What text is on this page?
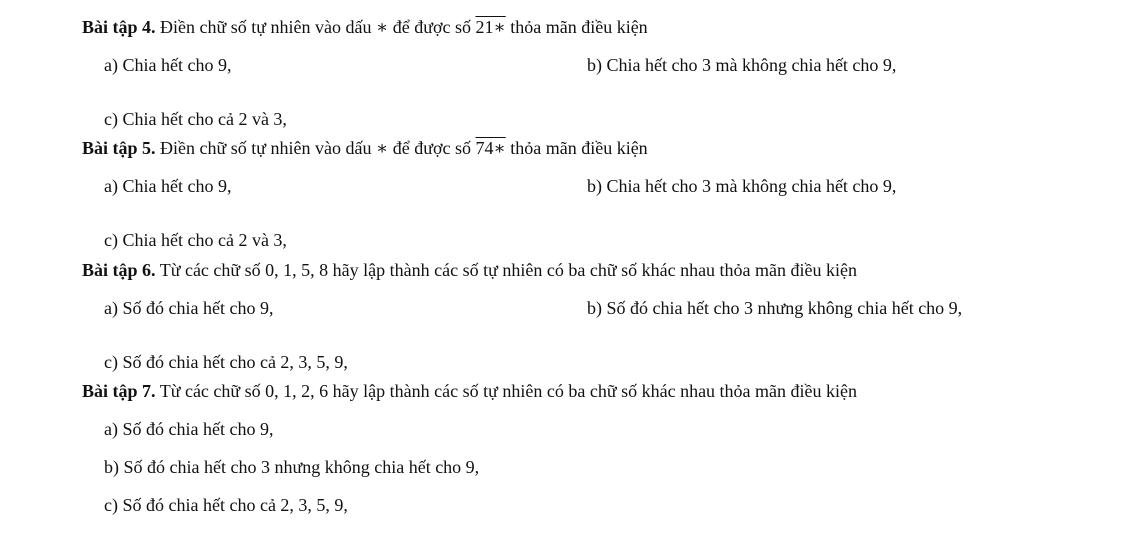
Bài tập 4. Điền chữ số tự nhiên vào dấu ∗ để được số 21∗ thỏa mãn điều kiện
a) Chia hết cho 9,	b) Chia hết cho 3 mà không chia hết cho 9,
c) Chia hết cho cả 2 và 3,
Bài tập 5. Điền chữ số tự nhiên vào dấu ∗ để được số 74∗ thỏa mãn điều kiện
a) Chia hết cho 9,	b) Chia hết cho 3 mà không chia hết cho 9,
c) Chia hết cho cả 2 và 3,
Bài tập 6. Từ các chữ số 0, 1, 5, 8 hãy lập thành các số tự nhiên có ba chữ số khác nhau thỏa mãn điều kiện
a) Số đó chia hết cho 9,	b) Số đó chia hết cho 3 nhưng không chia hết cho 9,
c) Số đó chia hết cho cả 2, 3, 5, 9,
Bài tập 7. Từ các chữ số 0, 1, 2, 6 hãy lập thành các số tự nhiên có ba chữ số khác nhau thỏa mãn điều kiện
a) Số đó chia hết cho 9,
b) Số đó chia hết cho 3 nhưng không chia hết cho 9,
c) Số đó chia hết cho cả 2, 3, 5, 9,
